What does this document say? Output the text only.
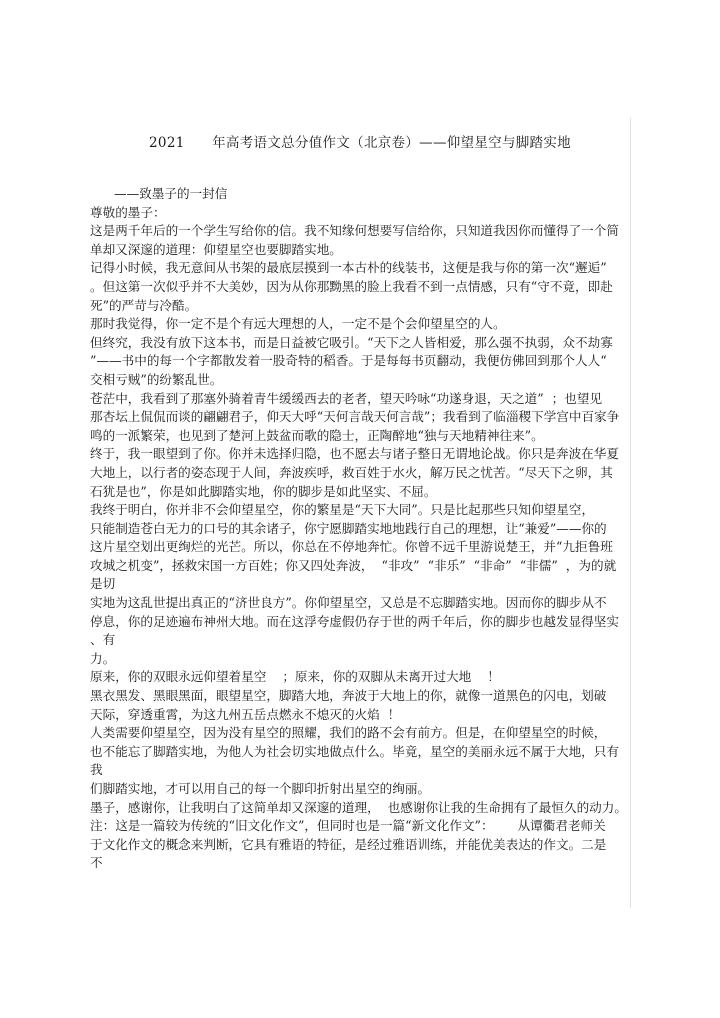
2021      年高考语文总分值作文（北京卷）——仰望星空与脚踏实地
——致墨子的一封信
尊敬的墨子：
这是两千年后的一个学生写给你的信。我不知缘何想要写信给你，只知道我因你而懂得了一个简
单却又深邃的道理：仰望星空也要脚踏实地。
记得小时候，我无意间从书架的最底层摸到一本古朴的线装书，这便是我与你的第一次“邂逅”
。但这第一次似乎并不大美妙，因为从你那黝黑的脸上我看不到一点情感，只有“守不竟，即赴
死”的严苛与冷酷。
那时我觉得，你一定不是个有远大理想的人，一定不是个会仰望星空的人。
但终究，我没有放下这本书，而是日益被它吸引。“天下之人皆相爱，那么强不执弱，众不劫寡
”——书中的每一个字都散发着一股奇特的稻香。于是每每书页翻动，我便仿佛回到那个人人“
交相亏贼”的纷繁乱世。
苍茫中，我看到了那塞外骑着青牛缓缓西去的老者，望天吟咏“功遂身退，天之道”  ；也望见
那杏坛上侃侃而谈的翩翩君子，仰天大呼“天何言哉天何言哉”；我看到了临淄稷下学宫中百家争
鸣的一派繁荣，也见到了楚河上鼓盆而歌的隐士，正陶醉地“独与天地精神往来”。
终于，我一眼望到了你。你并未选择归隐，也不愿去与诸子整日无谓地论战。你只是奔波在华夏
大地上，以行者的姿态现于人间，奔波疾呼，救百姓于水火，解万民之忧苦。“尽天下之卵，其
石犹是也”，你是如此脚踏实地，你的脚步是如此坚实、不屈。
我终于明白，你并非不会仰望星空，你的繁星是“天下大同”。只是比起那些只知仰望星空，
只能制造苍白无力的口号的其余诸子，你宁愿脚踏实地地践行自己的理想，让“兼爱”——你的
这片星空划出更绚烂的光芒。所以，你总在不停地奔忙。你曾不远千里游说楚王，并“九拒鲁班
攻城之机变”，拯救宋国一方百姓；你又四处奔波，  “非攻”  “非乐”  “非命”  “非儒”  ，为的就
是切
实地为这乱世提出真正的“济世良方”。你仰望星空，又总是不忘脚踏实地。因而你的脚步从不
停息，你的足迹遍布神州大地。而在这浮夸虚假仍存于世的两千年后，你的脚步也越发显得坚实
、有
力。
原来，你的双眼永远仰望着星空    ；原来，你的双脚从未离开过大地    ！
黑衣黑发、黑眼黑面，眼望星空，脚踏大地，奔波于大地上的你，就像一道黑色的闪电，划破
天际，穿透重霄，为这九州五岳点燃永不熄灭的火焰  ！
人类需要仰望星空，因为没有星空的照耀，我们的路不会有前方。但是，在仰望星空的时候，
也不能忘了脚踏实地，为他人为社会切实地做点什么。毕竟，星空的美丽永远不属于大地，只有
我
们脚踏实地，才可以用自己的每一个脚印折射出星空的绚丽。
墨子，感谢你，让我明白了这简单却又深邃的道理，  也感谢你让我的生命拥有了最恒久的动力。
注：这是一篇较为传统的“旧文化作文”，但同时也是一篇“新文化作文”：      从谭衢君老师关
于文化作文的概念来判断，它具有雅语的特征，是经过雅语训练，并能优美表达的作文。二是
不
